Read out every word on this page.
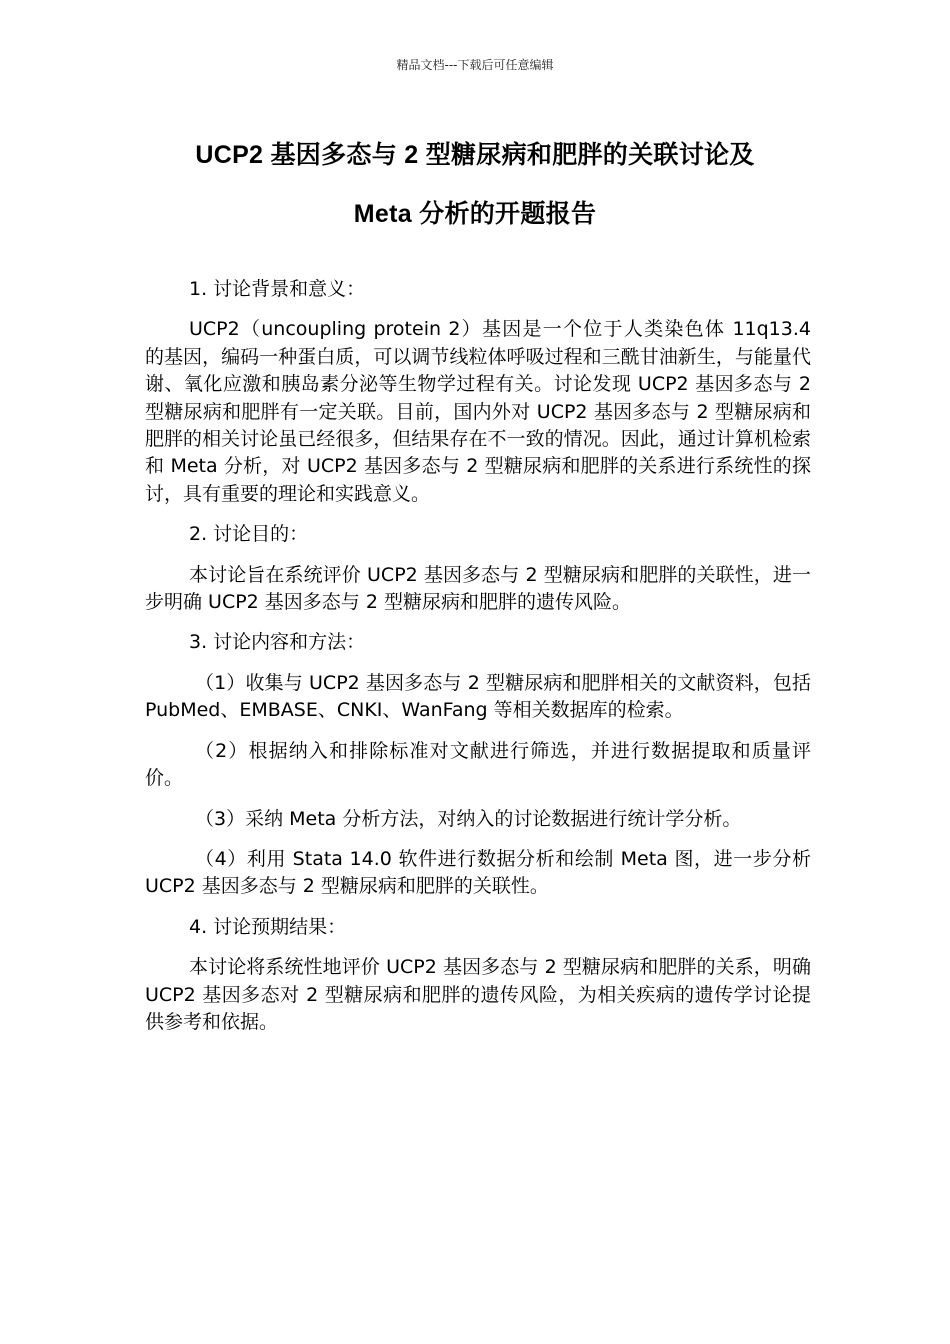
精品文档---下载后可任意编辑
UCP2 基因多态与 2 型糖尿病和肥胖的关联讨论及
Meta 分析的开题报告

1. 讨论背景和意义：

UCP2（uncoupling protein 2）基因是一个位于人类染色体 11q13.4 的基因，编码一种蛋白质，可以调节线粒体呼吸过程和三酰甘油新生，与能量代谢、氧化应激和胰岛素分泌等生物学过程有关。讨论发现 UCP2 基因多态与 2 型糖尿病和肥胖有一定关联。目前，国内外对 UCP2 基因多态与 2 型糖尿病和肥胖的相关讨论虽已经很多，但结果存在不一致的情况。因此，通过计算机检索和 Meta 分析，对 UCP2 基因多态与 2 型糖尿病和肥胖的关系进行系统性的探讨，具有重要的理论和实践意义。

2. 讨论目的：

本讨论旨在系统评价 UCP2 基因多态与 2 型糖尿病和肥胖的关联性，进一步明确 UCP2 基因多态与 2 型糖尿病和肥胖的遗传风险。

3. 讨论内容和方法：

（1）收集与 UCP2 基因多态与 2 型糖尿病和肥胖相关的文献资料，包括 PubMed、EMBASE、CNKI、WanFang 等相关数据库的检索。

（2）根据纳入和排除标准对文献进行筛选，并进行数据提取和质量评价。

（3）采纳 Meta 分析方法，对纳入的讨论数据进行统计学分析。

（4）利用 Stata 14.0 软件进行数据分析和绘制 Meta 图，进一步分析 UCP2 基因多态与 2 型糖尿病和肥胖的关联性。

4. 讨论预期结果：

本讨论将系统性地评价 UCP2 基因多态与 2 型糖尿病和肥胖的关系，明确 UCP2 基因多态对 2 型糖尿病和肥胖的遗传风险，为相关疾病的遗传学讨论提供参考和依据。
